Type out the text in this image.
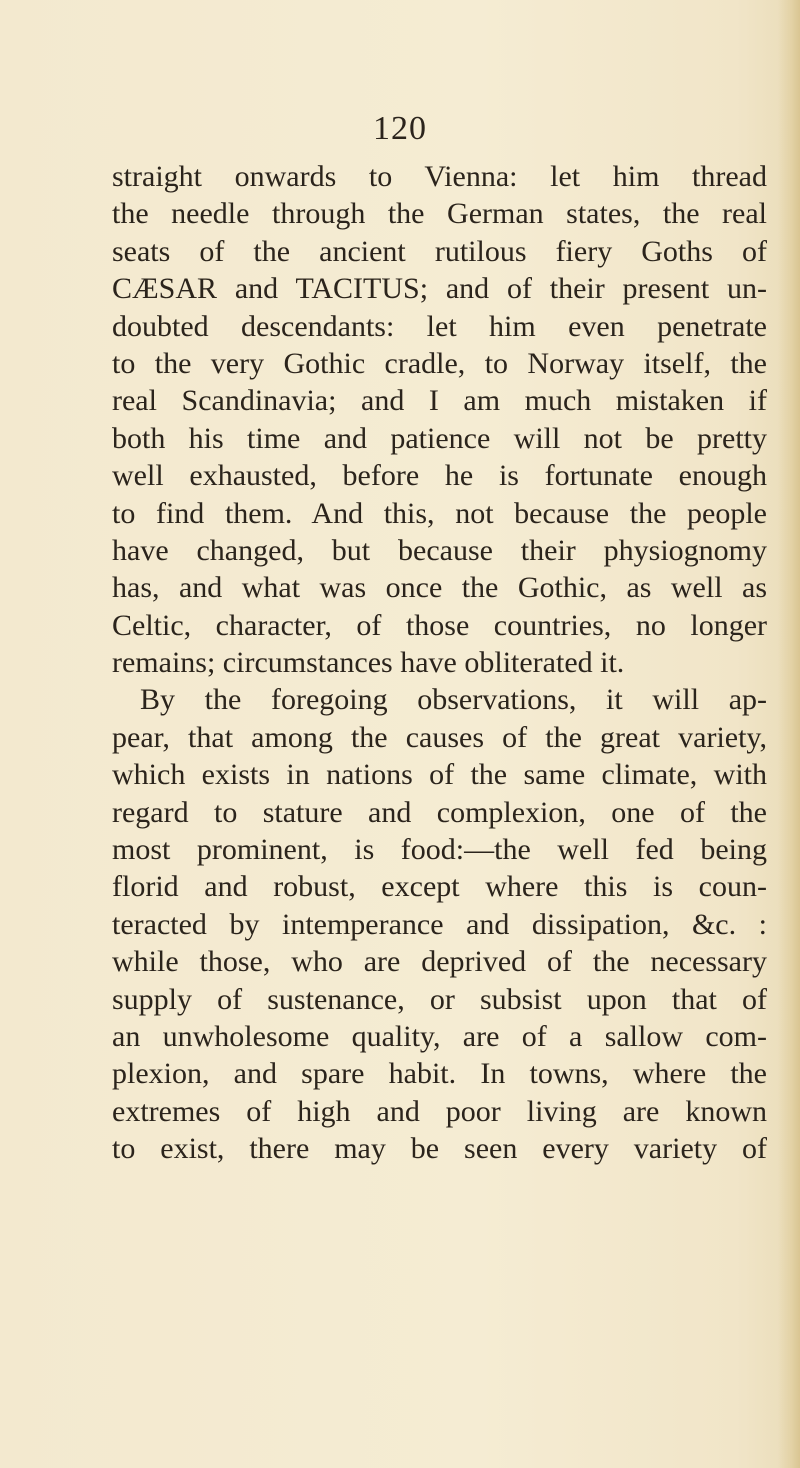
120

straight onwards to Vienna: let him thread
the needle through the German states, the real
seats of the ancient rutilous fiery Goths of
CÆSAR and TACITUS; and of their present un-
doubted descendants: let him even penetrate
to the very Gothic cradle, to Norway itself, the
real Scandinavia; and I am much mistaken if
both his time and patience will not be pretty
well exhausted, before he is fortunate enough
to find them. And this, not because the people
have changed, but because their physiognomy
has, and what was once the Gothic, as well as
Celtic, character, of those countries, no longer
remains; circumstances have obliterated it.
By the foregoing observations, it will ap-
pear, that among the causes of the great variety,
which exists in nations of the same climate, with
regard to stature and complexion, one of the
most prominent, is food:—the well fed being
florid and robust, except where this is coun-
teracted by intemperance and dissipation, &c. :
while those, who are deprived of the necessary
supply of sustenance, or subsist upon that of
an unwholesome quality, are of a sallow com-
plexion, and spare habit. In towns, where the
extremes of high and poor living are known
to exist, there may be seen every variety of
